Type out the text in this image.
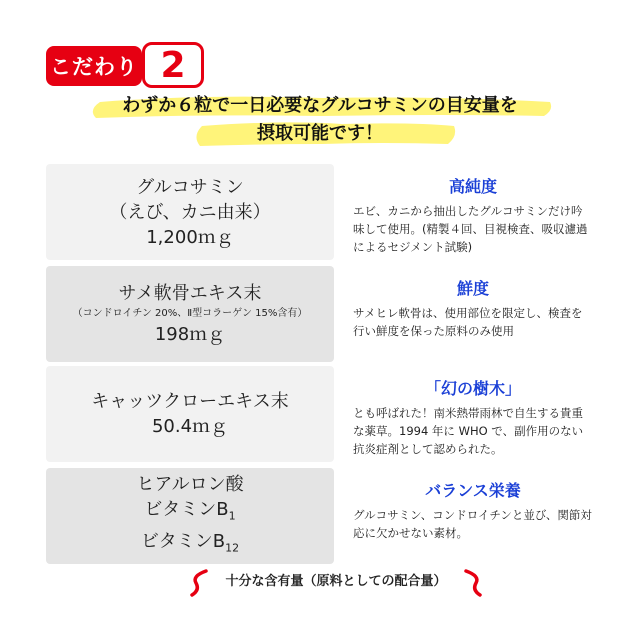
こだわり 2
わずか６粒で一日必要なグルコサミンの目安量を
摂取可能です！
グルコサミン
（えび、カニ由来）
1,200ｍｇ
高純度
エビ、カニから抽出したグルコサミンだけ吟味して使用。(精製４回、目視検査、吸収濾過によるセジメント試験)
サメ軟骨エキス末
（コンドロイチン 20%、Ⅱ型コラーゲン 15%含有）
198ｍｇ
鮮度
サメヒレ軟骨は、使用部位を限定し、検査を行い鮮度を保った原料のみ使用
キャッツクローエキス末
50.4ｍｇ
「幻の樹木」
とも呼ばれた！南米熱帯雨林で自生する貴重な薬草。1994 年に WHO で、副作用のない抗炎症剤として認められた。
ヒアルロン酸
ビタミン$B_1$
ビタミン$B_{12}$
バランス栄養
グルコサミン、コンドロイチンと並び、関節対応に欠かせない素材。
十分な含有量（原料としての配合量）
